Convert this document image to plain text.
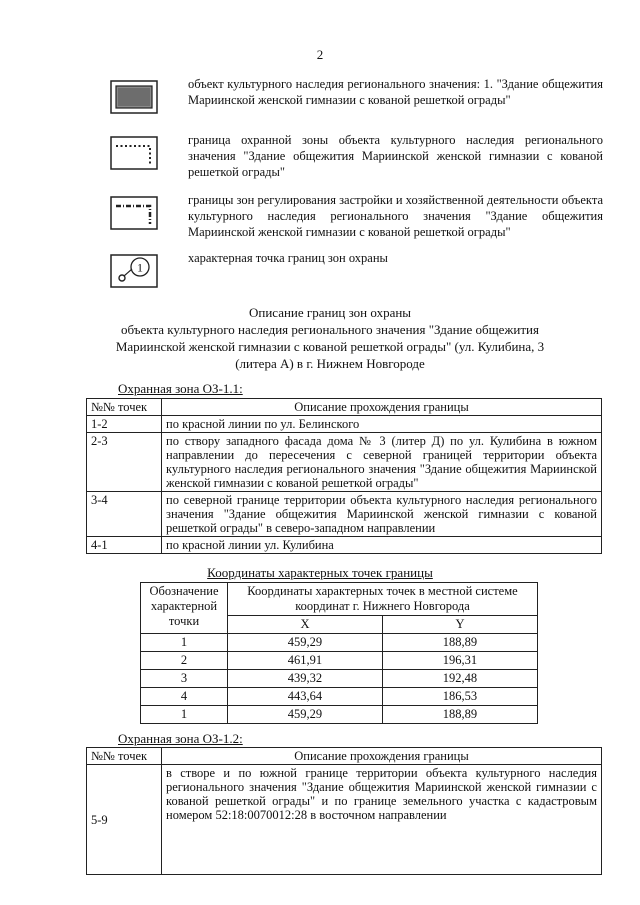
2
объект культурного наследия регионального значения: 1. "Здание общежития Мариинской женской гимназии с кованой решеткой ограды"
граница охранной зоны объекта культурного наследия регионального значения "Здание общежития Мариинской женской гимназии с кованой решеткой ограды"
границы зон регулирования застройки и хозяйственной деятельности объекта культурного наследия регионального значения "Здание общежития Мариинской женской гимназии с кованой решеткой ограды"
1
характерная точка границ зон охраны
Описание границ зон охраны
объекта культурного наследия регионального значения "Здание общежития
Мариинской женской гимназии с кованой решеткой ограды" (ул. Кулибина, 3
(литера А) в г. Нижнем Новгороде
Охранная зона ОЗ-1.1:
№№ точек	Описание прохождения границы
1-2	по красной линии по ул. Белинского
2-3	по створу западного фасада дома № 3 (литер Д) по ул. Кулибина в южном направлении до пересечения с северной границей территории объекта культурного наследия регионального значения "Здание общежития Мариинской женской гимназии с кованой решеткой ограды"
3-4	по северной границе территории объекта культурного наследия регионального значения "Здание общежития Мариинской женской гимназии с кованой решеткой ограды" в северо-западном направлении
4-1	по красной линии ул. Кулибина
Координаты характерных точек границы
Обозначение характерной точки	Координаты характерных точек в местной системе координат г. Нижнего Новгорода	
	X	Y
1	459,29	188,89
2	461,91	196,31
3	439,32	192,48
4	443,64	186,53
1	459,29	188,89
Охранная зона ОЗ-1.2:
№№ точек	Описание прохождения границы
5-9	в створе и по южной границе территории объекта культурного наследия регионального значения "Здание общежития Мариинской женской гимназии с кованой решеткой ограды" и по границе земельного участка с кадастровым номером 52:18:0070012:28 в восточном направлении
